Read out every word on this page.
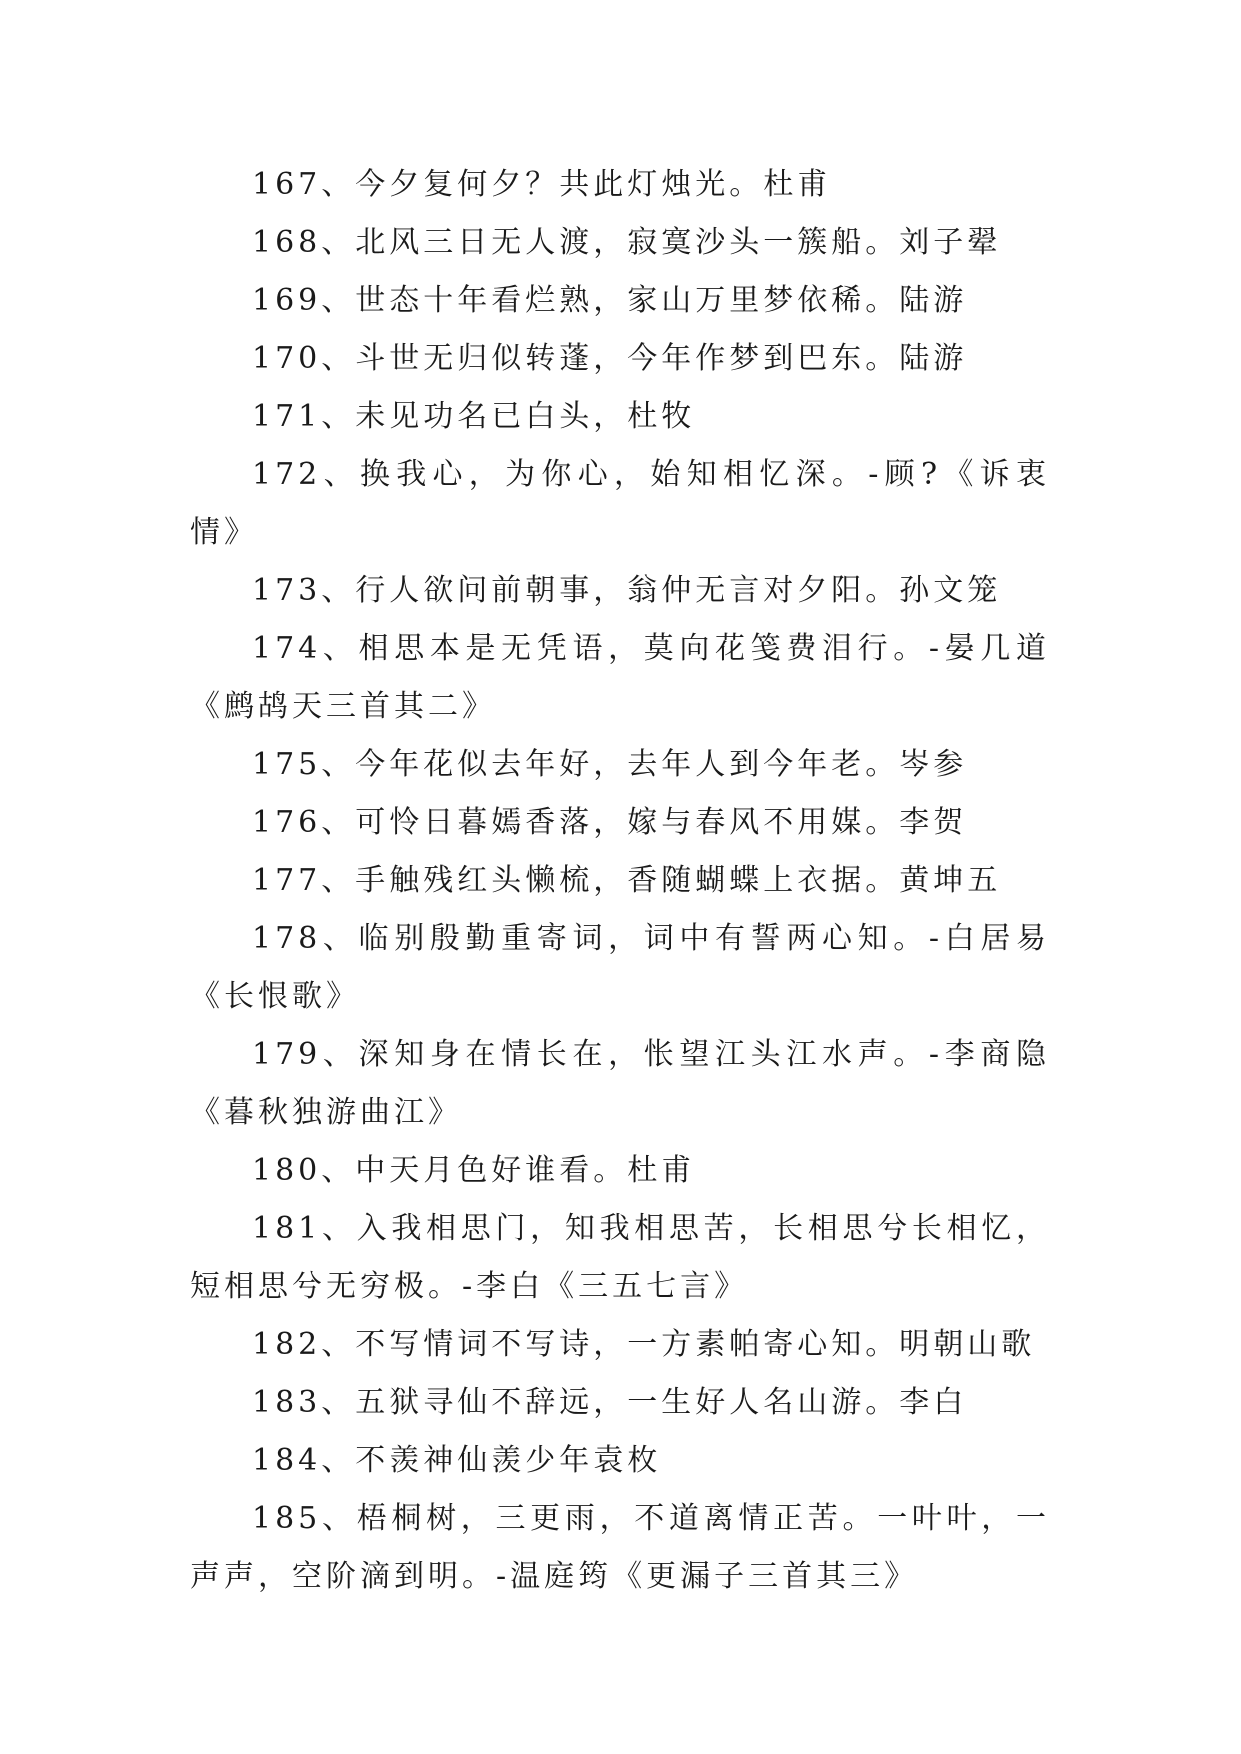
167、今夕复何夕？共此灯烛光。杜甫

168、北风三日无人渡，寂寞沙头一簇船。刘子翚

169、世态十年看烂熟，家山万里梦依稀。陆游

170、斗世无归似转蓬，今年作梦到巴东。陆游

171、未见功名已白头，杜牧

172、换我心，为你心，始知相忆深。-顾?《诉衷情》

173、行人欲问前朝事，翁仲无言对夕阳。孙文笼

174、相思本是无凭语，莫向花笺费泪行。-晏几道《鹧鸪天三首其二》

175、今年花似去年好，去年人到今年老。岑参

176、可怜日暮嫣香落，嫁与春风不用媒。李贺

177、手触残红头懒梳，香随蝴蝶上衣据。黄坤五

178、临别殷勤重寄词，词中有誓两心知。-白居易《长恨歌》

179、深知身在情长在，怅望江头江水声。-李商隐《暮秋独游曲江》

180、中天月色好谁看。杜甫

181、入我相思门，知我相思苦，长相思兮长相忆，短相思兮无穷极。-李白《三五七言》

182、不写情词不写诗，一方素帕寄心知。明朝山歌

183、五狱寻仙不辞远，一生好人名山游。李白

184、不羡神仙羡少年袁枚

185、梧桐树，三更雨，不道离情正苦。一叶叶，一声声，空阶滴到明。-温庭筠《更漏子三首其三》
